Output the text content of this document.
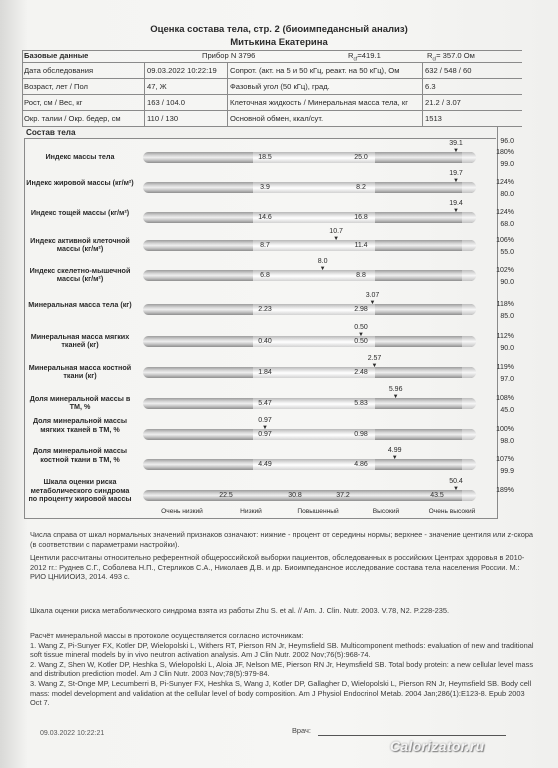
Оценка состава тела, стр. 2 (биоимпедансный анализ)
Митькина Екатерина
Базовые данные	Прибор N 3796	$R_{cf}=419.1$	$R_{cl}= 357.0$ Ом
Дата обследования	09.03.2022 10:22:19	Сопрот. (акт. на 5 и 50 кГц, реакт. на 50 кГц), Ом	632 / 548 / 60
Возраст, лет / Пол	47, Ж	Фазовый угол (50 кГц), град.	6.3
Рост, см / Вес, кг	163 / 104.0	Клеточная жидкость / Минеральная масса тела, кг	21.2 / 3.07
Окр. талии / Окр. бедер, см	110 / 130	Основной обмен, ккал/сут.	1513
Состав тела
Индекс массы тела	18.5	25.0
39.1
▼
96.0
180%
99.0
Индекс жировой массы (кг/м²)
3.9	8.2
19.7
▼	124%
80.0
Индекс тощей массы (кг/м²)
14.6	16.8
19.4
▼	124%
68.0
Индекс активной клеточной массы (кг/м²)	8.7	11.4
10.7
▼	106%
55.0
Индекс скелетно-мышечной массы (кг/м²)	6.8	8.8
8.0
▼	102%
90.0
Минеральная масса тела (кг)
2.23	2.98
3.07
▼	118%
85.0
Минеральная масса мягких тканей (кг)	0.40	0.50
0.50
▼	112%
90.0
Минеральная масса костной ткани (кг)	1.84	2.48
2.57
▼	119%
97.0
Доля минеральной массы в ТМ, %	5.47	5.83
5.96
▼	108%
45.0
Доля минеральной массы мягких тканей в ТМ, %
0.97	0.98
0.97
▼	100%
98.0
Доля минеральной массы костной ткани в ТМ, %
4.49	4.86
4.99
▼	107%
99.9
Шкала оценки риска метаболического синдрома по проценту жировой массы
50.4
▼	189%
22.5	30.8	37.2	43.5
Очень низкий	Низкий	Повышенный	Высокий	Очень высокий
Числа справа от шкал нормальных значений признаков означают: нижние - процент от середины нормы; верхнее - значение центиля или z-скора (в соответствии с параметрами настройки).
Центили рассчитаны относительно референтной общероссийской выборки пациентов, обследованных в российских Центрах здоровья в 2010-2012 гг.: Руднев С.Г., Соболева Н.П., Стерликов С.А., Николаев Д.В. и др. Биоимпедансное исследование состава тела населения России. М.: РИО ЦНИИОИЗ, 2014. 493 с.
Шкала оценки риска метаболического синдрома взята из работы Zhu S. et al. // Am. J. Clin. Nutr. 2003. V.78, N2. P.228-235.
Расчёт минеральной массы в протоколе осуществляется согласно источникам:
1. Wang Z, Pi-Sunyer FX, Kotler DP, Wielopolski L, Withers RT, Pierson RN Jr, Heymsfield SB. Multicomponent methods: evaluation of new and traditional soft tissue mineral models by in vivo neutron activation analysis. Am J Clin Nutr. 2002 Nov;76(5):968-74.
2. Wang Z, Shen W, Kotler DP, Heshka S, Wielopolski L, Aloia JF, Nelson ME, Pierson RN Jr, Heymsfield SB. Total body protein: a new cellular level mass and distribution prediction model. Am J Clin Nutr. 2003 Nov;78(5):979-84.
3. Wang Z, St-Onge MP, Lecumberri B, Pi-Sunyer FX, Heshka S, Wang J, Kotler DP, Gallagher D, Wielopolski L, Pierson RN Jr, Heymsfield SB. Body cell mass: model development and validation at the cellular level of body composition. Am J Physiol Endocrinol Metab. 2004 Jan;286(1):E123-8. Epub 2003 Oct 7.
Врач:
09.03.2022 10:22:21
Calorizator.ru
